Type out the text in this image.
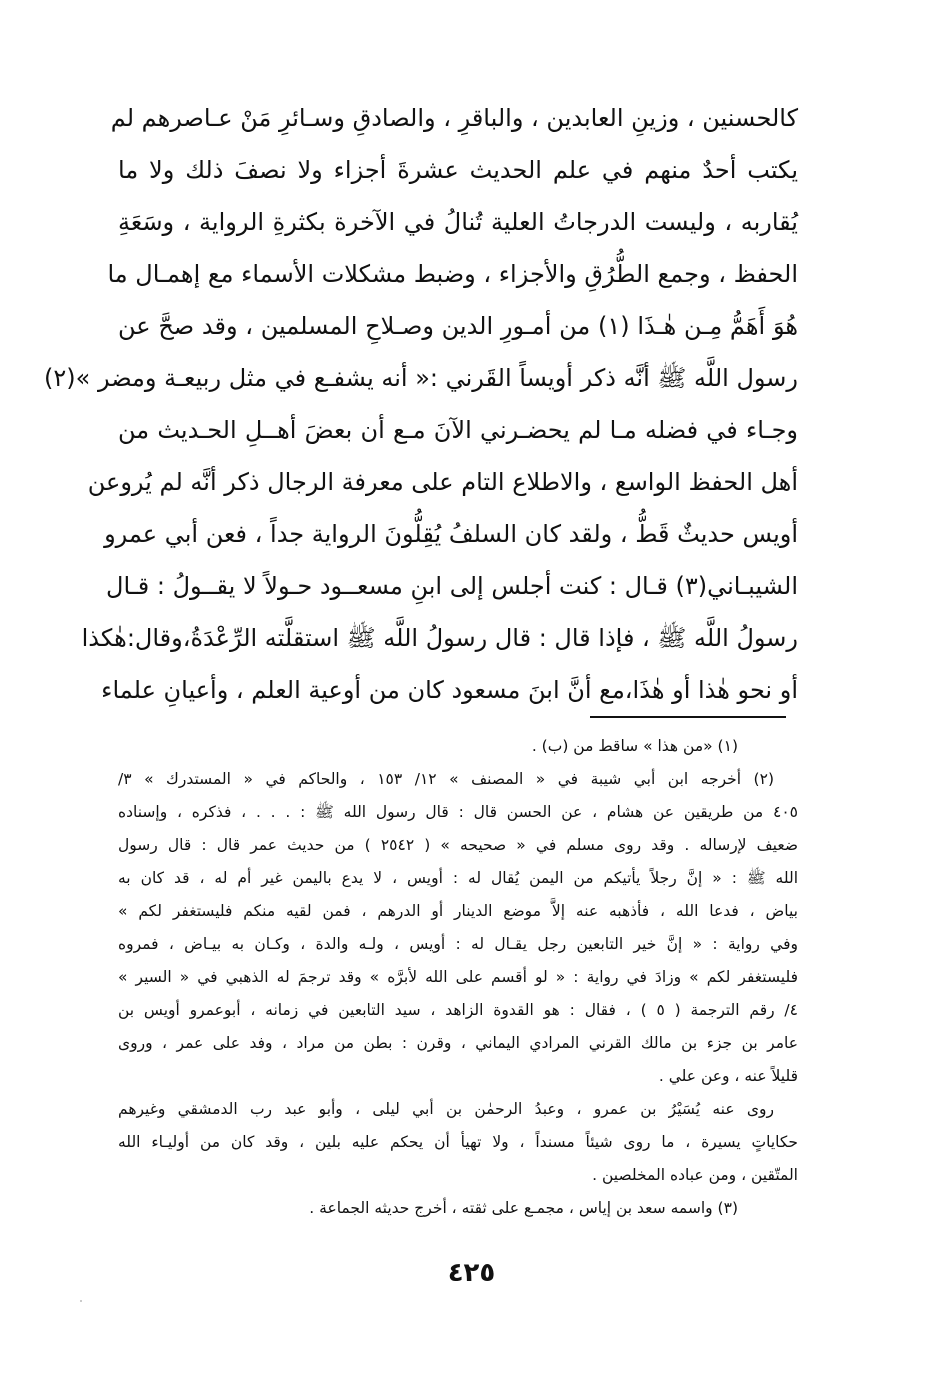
كالحسنين ، وزينِ العابدين ، والباقرِ ، والصادقِ وسـائرِ مَنْ عـاصرهم لم
يكتب أحدٌ منهم في علم الحديث عشرةَ أجزاء ولا نصفَ ذلك ولا ما
يُقاربه ، وليست الدرجاتُ العلية تُنالُ في الآخرة بكثرةِ الرواية ، وسَعَةِ
الحفظ ، وجمع الطُّرُقِ والأجزاء ، وضبط مشكلات الأسماء مع إهمـال ما
هُوَ أَهَمُّ مِـن هٰـذَا (١) من أمـورِ الدين وصـلاحِ المسلمين ، وقد صحَّ عن
رسول اللَّه ﷺ أنَّه ذكر أويساً القَرني :« أنه يشفـع في مثل ربيعـة ومضر »(٢)
وجـاء في فضله مـا لم يحضـرني الآنَ مـع أن بعضَ أهــلِ الحـديث من
أهل الحفظ الواسع ، والاطلاع التام على معرفة الرجال ذكر أنَّه لم يُروعن
أويس حديثٌ قَطُّ ، ولقد كان السلفُ يُقِلُّونَ الرواية جداً ، فعن أبي عمرو
الشيبـاني(٣) قـال : كنت أجلس إلى ابنِ مسعــود حـولاً لا يقــولُ : قـال
رسولُ اللَّه ﷺ ، فإذا قال : قال رسولُ اللَّه ﷺ استقلَّته الرِّعْدَةُ،وقال:هٰكذا
أو نحو هٰذا أو هٰذَا،مع أنَّ ابنَ مسعود كان من أوعية العلم ، وأعيانِ علماء
(١) «من هذا » ساقط من (ب) .
(٢) أخرجه ابن أبي شيبة في « المصنف » ١٢/ ١٥٣ ، والحاكم في « المستدرك » ٣/
٤٠٥ من طريقين عن هشام ، عن الحسن قال : قال رسول الله ﷺ : . . . ، فذكره ، وإسناده
ضعيف لإرساله . وقد روى مسلم في « صحيحه » ( ٢٥٤٢ ) من حديث عمر قال : قال رسول
الله ﷺ : « إنَّ رجلاً يأتيكم من اليمن يُقال له : أويس ، لا يدع باليمن غير أم له ، قد كان به
بياض ، فدعا الله ، فأذهبه عنه إلاَّ موضع الدينار أو الدرهم ، فمن لقيه منكم فليستغفر لكم »
وفي رواية : « إنَّ خير التابعين رجل يقـال له : أويس ، ولـه والدة ، وكـان به بيـاض ، فمروه
فليستغفر لكم » وزادَ في رواية : « لو أقسم على الله لأبرَّه » وقد ترجمَ له الذهبي في « السير »
٤/ رقم الترجمة ( ٥ ) ، فقال : هو القدوة الزاهد ، سيد التابعين في زمانه ، أبوعمرو أويس بن
عامر بن جزء بن مالك القرني المرادي اليماني ، وقرن : بطن من مراد ، وفد على عمر ، وروى
قليلاً عنه ، وعن علي .
روى عنه يُسَيْرُ بن عمرو ، وعبدُ الرحمٰن بن أبي ليلى ، وأبو عبد رب الدمشقي وغيرهم
حكاياتٍ يسيرة ، ما روى شيئاً مسنداً ، ولا تهيأ أن يحكم عليه بلين ، وقد كان من أوليـاء الله
المتّقين ، ومن عباده المخلصين .
(٣) واسمه سعد بن إياس ، مجمـع على ثقته ، أخرج حديثه الجماعة .
٤٢٥
